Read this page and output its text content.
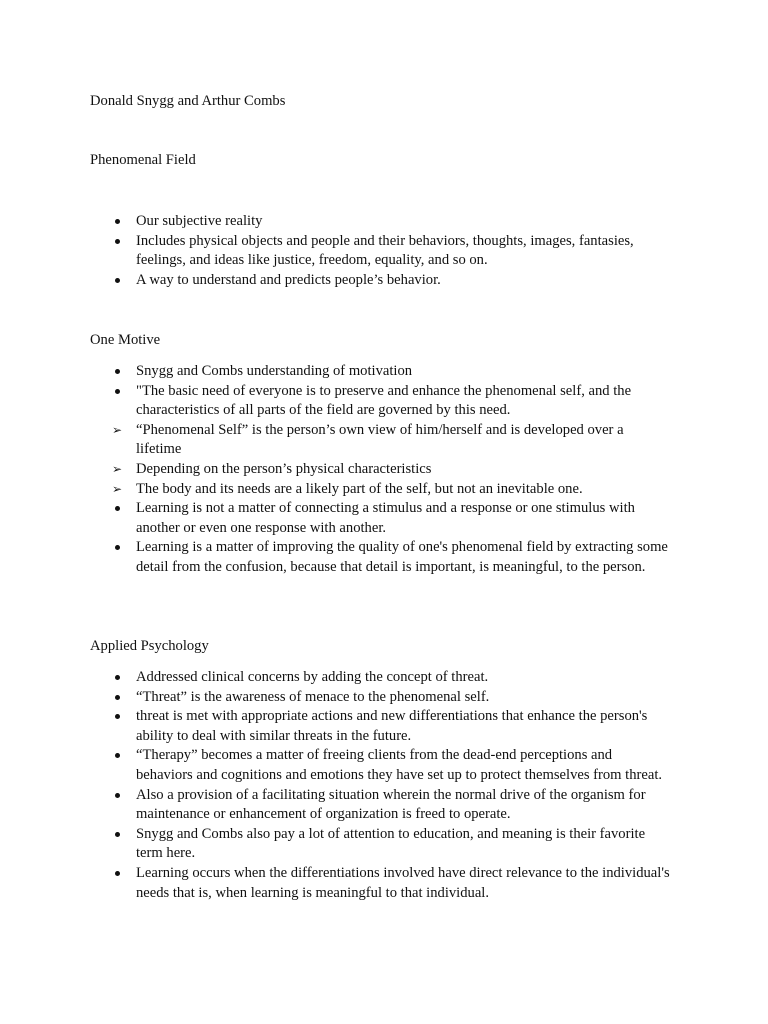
Donald Snygg and Arthur Combs
Phenomenal Field
Our subjective reality
Includes physical objects and people and their behaviors, thoughts, images, fantasies, feelings, and ideas like justice, freedom, equality, and so on.
A way to understand and predicts people’s behavior.
One Motive
Snygg and Combs understanding of motivation
"The basic need of everyone is to preserve and enhance the phenomenal self, and the characteristics of all parts of the field are governed by this need.
➢ “Phenomenal Self” is the person’s own view of him/herself and is developed over a lifetime
➢ Depending on the person’s physical characteristics
➢ The body and its needs are a likely part of the self, but not an inevitable one.
Learning is not a matter of connecting a stimulus and a response or one stimulus with another or even one response with another.
Learning is a matter of improving the quality of one's phenomenal field by extracting some detail from the confusion, because that detail is important, is meaningful, to the person.
Applied Psychology
Addressed clinical concerns by adding the concept of threat.
“Threat” is the awareness of menace to the phenomenal self.
threat is met with appropriate actions and new differentiations that enhance the person's ability to deal with similar threats in the future.
“Therapy” becomes a matter of freeing clients from the dead-end perceptions and behaviors and cognitions and emotions they have set up to protect themselves from threat.
Also a provision of a facilitating situation wherein the normal drive of the organism for maintenance or enhancement of organization is freed to operate.
Snygg and Combs also pay a lot of attention to education, and meaning is their favorite term here.
Learning occurs when the differentiations involved have direct relevance to the individual's needs that is, when learning is meaningful to that individual.
